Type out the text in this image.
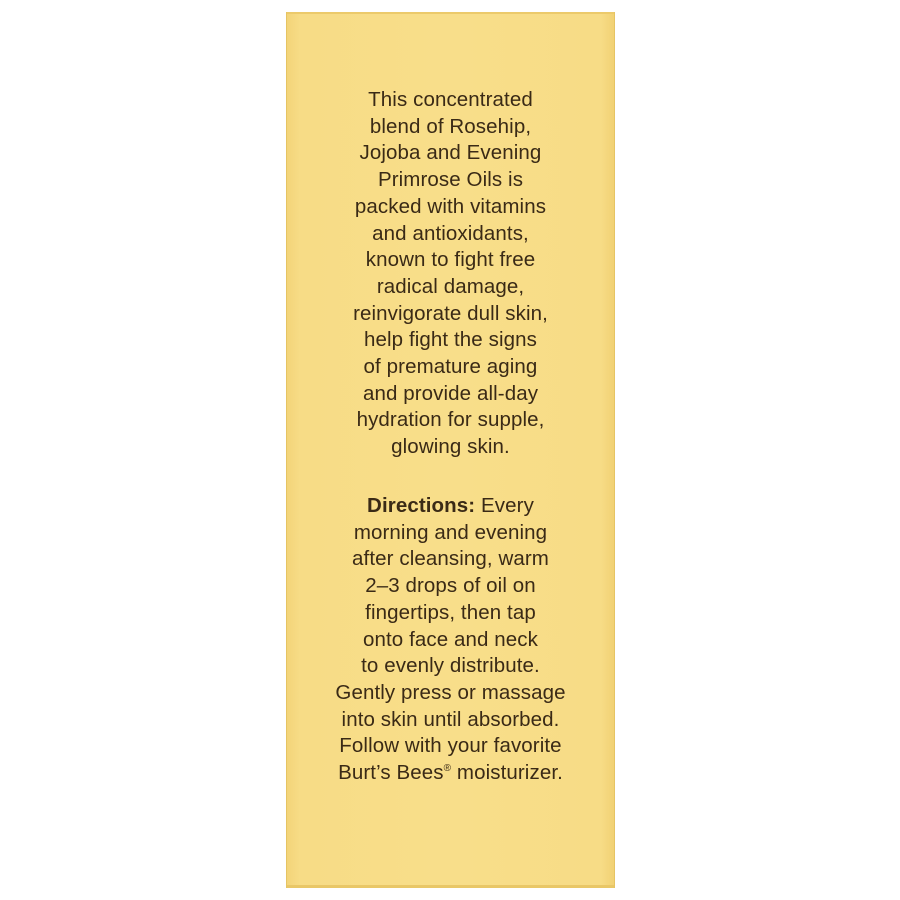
This concentrated
blend of Rosehip,
Jojoba and Evening
Primrose Oils is
packed with vitamins
and antioxidants,
known to fight free
radical damage,
reinvigorate dull skin,
help fight the signs
of premature aging
and provide all-day
hydration for supple,
glowing skin.
Directions: Every
morning and evening
after cleansing, warm
2–3 drops of oil on
fingertips, then tap
onto face and neck
to evenly distribute.
Gently press or massage
into skin until absorbed.
Follow with your favorite
Burt’s Bees® moisturizer.
